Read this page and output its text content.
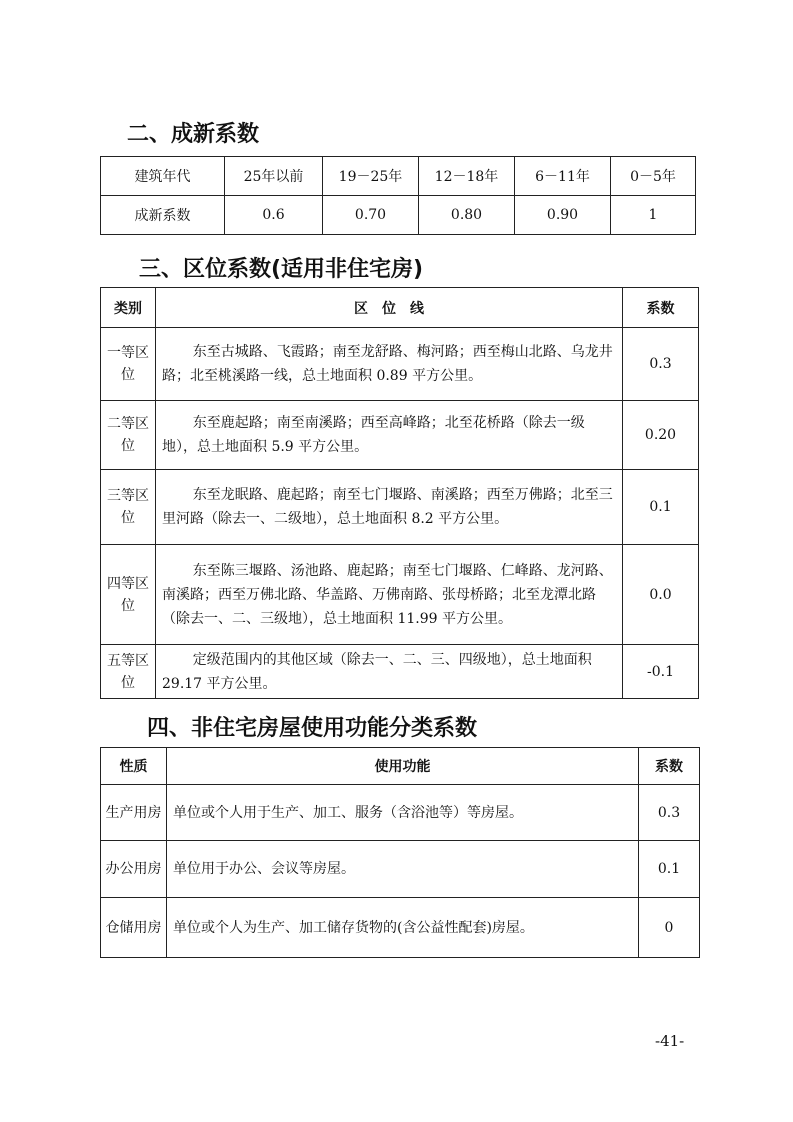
二、成新系数
建筑年代	25年以前	19－25年	12－18年	6－11年	0－5年
成新系数	0.6	0.70	0.80	0.90	1
三、区位系数(适用非住宅房)
类别	区　位　线	系数
一等区位	东至古城路、飞霞路；南至龙舒路、梅河路；西至梅山北路、乌龙井路；北至桃溪路一线，总土地面积 0.89 平方公里。	0.3
二等区位	东至鹿起路；南至南溪路；西至高峰路；北至花桥路（除去一级地），总土地面积 5.9 平方公里。	0.20
三等区位	东至龙眠路、鹿起路；南至七门堰路、南溪路；西至万佛路；北至三里河路（除去一、二级地），总土地面积 8.2 平方公里。	0.1
四等区位	东至陈三堰路、汤池路、鹿起路；南至七门堰路、仁峰路、龙河路、南溪路；西至万佛北路、华盖路、万佛南路、张母桥路；北至龙潭北路（除去一、二、三级地），总土地面积 11.99 平方公里。	0.0
五等区位	定级范围内的其他区域（除去一、二、三、四级地），总土地面积 29.17 平方公里。	-0.1
四、非住宅房屋使用功能分类系数
性质	使用功能	系数
生产用房	单位或个人用于生产、加工、服务（含浴池等）等房屋。	0.3
办公用房	单位用于办公、会议等房屋。	0.1
仓储用房	单位或个人为生产、加工储存货物的(含公益性配套)房屋。	0
-41-
